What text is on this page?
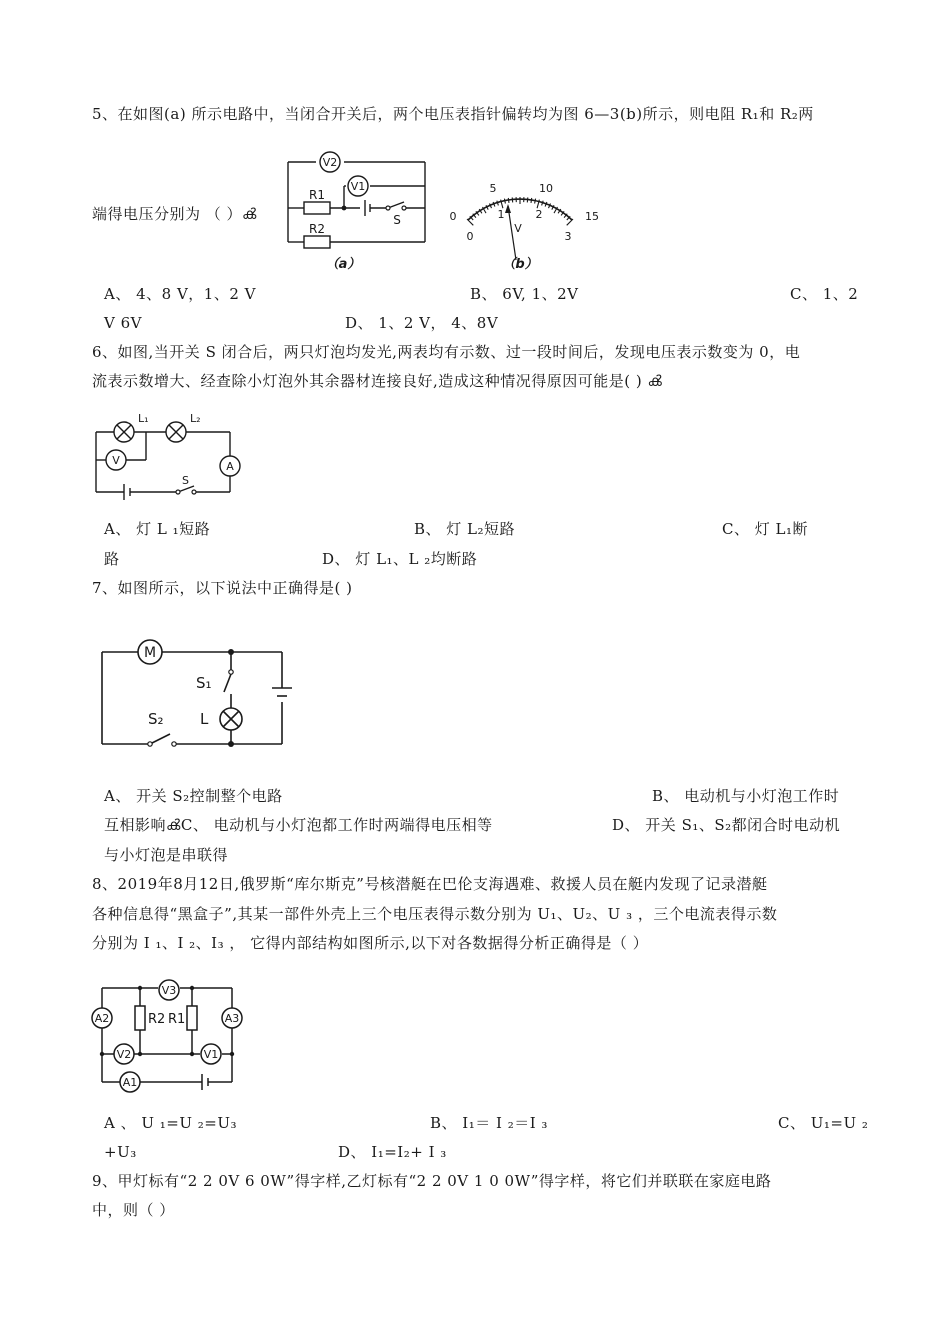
5、在如图(a) 所示电路中，当闭合开关后，两个电压表指针偏转均为图 6—3(b)所示，则电阻 R₁和 R₂两
端得电压分别为 （ ）ൿ
V2
V1
R1
R2
S
（a）
5	10
0	15
1	2
0	3
V
（b）
A、 4、8 V，1、2 V	B、 6V, 1、2V	C、 1、2
V 6V	D、 1、2 V， 4、8V
6、如图,当开关 S 闭合后，两只灯泡均发光,两表均有示数、过一段时间后，发现电压表示数变为 0，电
流表示数增大、经查除小灯泡外其余器材连接良好,造成这种情况得原因可能是( ) ൿ
L₁	L₂
V	A
S
A、 灯 L ₁短路	B、 灯 L₂短路	C、 灯 L₁断
路	D、 灯 L₁、L ₂均断路
7、如图所示，以下说法中正确得是( )
M
S₁
S₂ L
A、 开关 S₂控制整个电路	B、 电动机与小灯泡工作时
互相影响ൿC、 电动机与小灯泡都工作时两端得电压相等	D、 开关 S₁、S₂都闭合时电动机
与小灯泡是串联得
8、2019年8月12日,俄罗斯“库尔斯克”号核潜艇在巴伦支海遇难、救援人员在艇内发现了记录潜艇
各种信息得“黑盒子”,其某一部件外壳上三个电压表得示数分别为 U₁、U₂、U ₃ ，三个电流表得示数
分别为 I ₁、I ₂、I₃ ， 它得内部结构如图所示,以下对各数据得分析正确得是（ ）
V3
A2	A3
V2	V1
A1
R2 R1
A 、 U ₁=U ₂=U₃	B、 I₁＝ I ₂＝I ₃	C、 U₁=U ₂
+U₃	D、 I₁=I₂+ I ₃
9、甲灯标有“2 2 0V 6 0W”得字样,乙灯标有“2 2 0V 1 0 0W”得字样，将它们并联联在家庭电路
中，则（ ）
